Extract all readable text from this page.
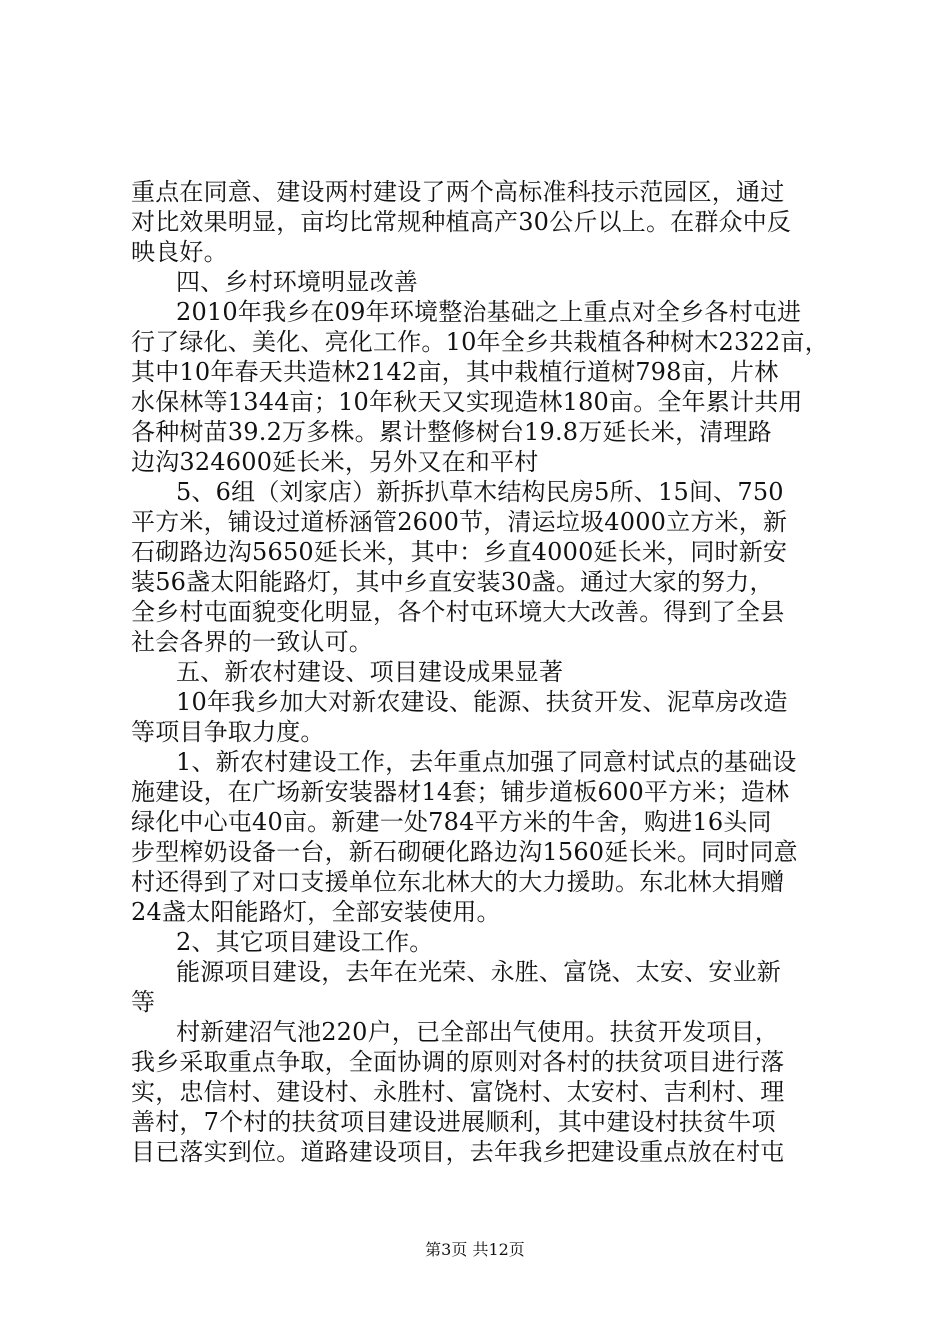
重点在同意、建设两村建设了两个高标准科技示范园区，通过
对比效果明显，亩均比常规种植高产30公斤以上。在群众中反
映良好。
四、乡村环境明显改善
2010年我乡在09年环境整治基础之上重点对全乡各村屯进
行了绿化、美化、亮化工作。10年全乡共栽植各种树木2322亩，
其中10年春天共造林2142亩，其中栽植行道树798亩，片林
水保林等1344亩；10年秋天又实现造林180亩。全年累计共用
各种树苗39.2万多株。累计整修树台19.8万延长米，清理路
边沟324600延长米，另外又在和平村
5、6组（刘家店）新拆扒草木结构民房5所、15间、750
平方米，铺设过道桥涵管2600节，清运垃圾4000立方米，新
石砌路边沟5650延长米，其中：乡直4000延长米，同时新安
装56盏太阳能路灯，其中乡直安装30盏。通过大家的努力，
全乡村屯面貌变化明显，各个村屯环境大大改善。得到了全县
社会各界的一致认可。
五、新农村建设、项目建设成果显著
10年我乡加大对新农建设、能源、扶贫开发、泥草房改造
等项目争取力度。
1、新农村建设工作，去年重点加强了同意村试点的基础设
施建设，在广场新安装器材14套；铺步道板600平方米；造林
绿化中心屯40亩。新建一处784平方米的牛舍，购进16头同
步型榨奶设备一台，新石砌硬化路边沟1560延长米。同时同意
村还得到了对口支援单位东北林大的大力援助。东北林大捐赠
24盏太阳能路灯，全部安装使用。
2、其它项目建设工作。
能源项目建设，去年在光荣、永胜、富饶、太安、安业新
等
村新建沼气池220户，已全部出气使用。扶贫开发项目，
我乡采取重点争取，全面协调的原则对各村的扶贫项目进行落
实，忠信村、建设村、永胜村、富饶村、太安村、吉利村、理
善村，7个村的扶贫项目建设进展顺利，其中建设村扶贫牛项
目已落实到位。道路建设项目，去年我乡把建设重点放在村屯
第3页 共12页
